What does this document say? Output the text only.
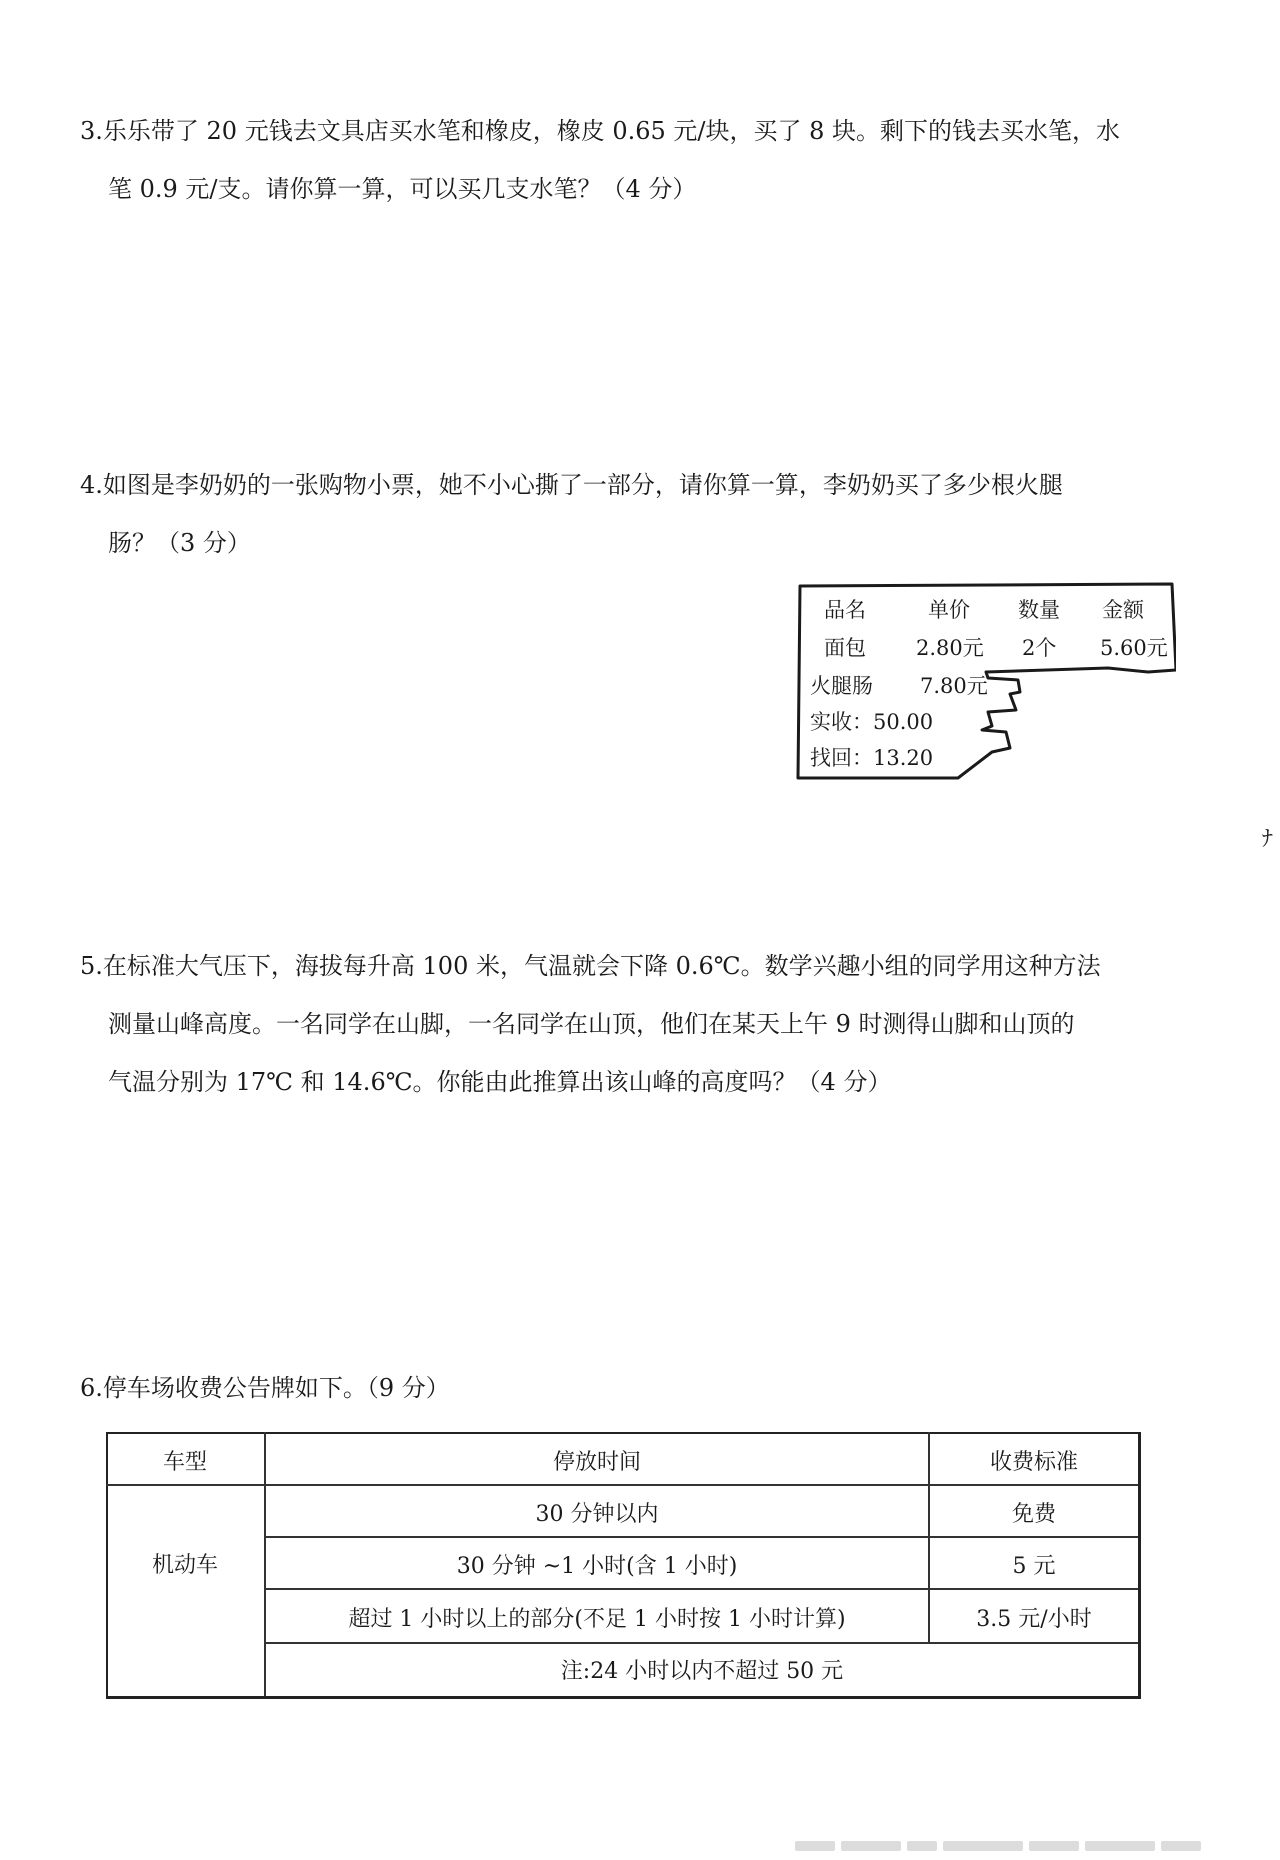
3.乐乐带了 20 元钱去文具店买水笔和橡皮，橡皮 0.65 元/块，买了 8 块。剩下的钱去买水笔，水
笔 0.9 元/支。请你算一算，可以买几支水笔？（4 分）
4.如图是李奶奶的一张购物小票，她不小心撕了一部分，请你算一算，李奶奶买了多少根火腿
肠？（3 分）
品名	单价 数量 金额
面包 2.80元 2个 5.60元
火腿肠 7.80元
实收：50.00
找回：13.20
ﾅ
5.在标准大气压下，海拔每升高 100 米，气温就会下降 0.6℃。数学兴趣小组的同学用这种方法
测量山峰高度。一名同学在山脚，一名同学在山顶，他们在某天上午 9 时测得山脚和山顶的
气温分别为 17℃ 和 14.6℃。你能由此推算出该山峰的高度吗？（4 分）
6.停车场收费公告牌如下。（9 分）
车型	停放时间	收费标准
机动车
30 分钟以内	免费
30 分钟 ~1 小时(含 1 小时)	5 元
超过 1 小时以上的部分(不足 1 小时按 1 小时计算)	3.5 元/小时
注:24 小时以内不超过 50 元
